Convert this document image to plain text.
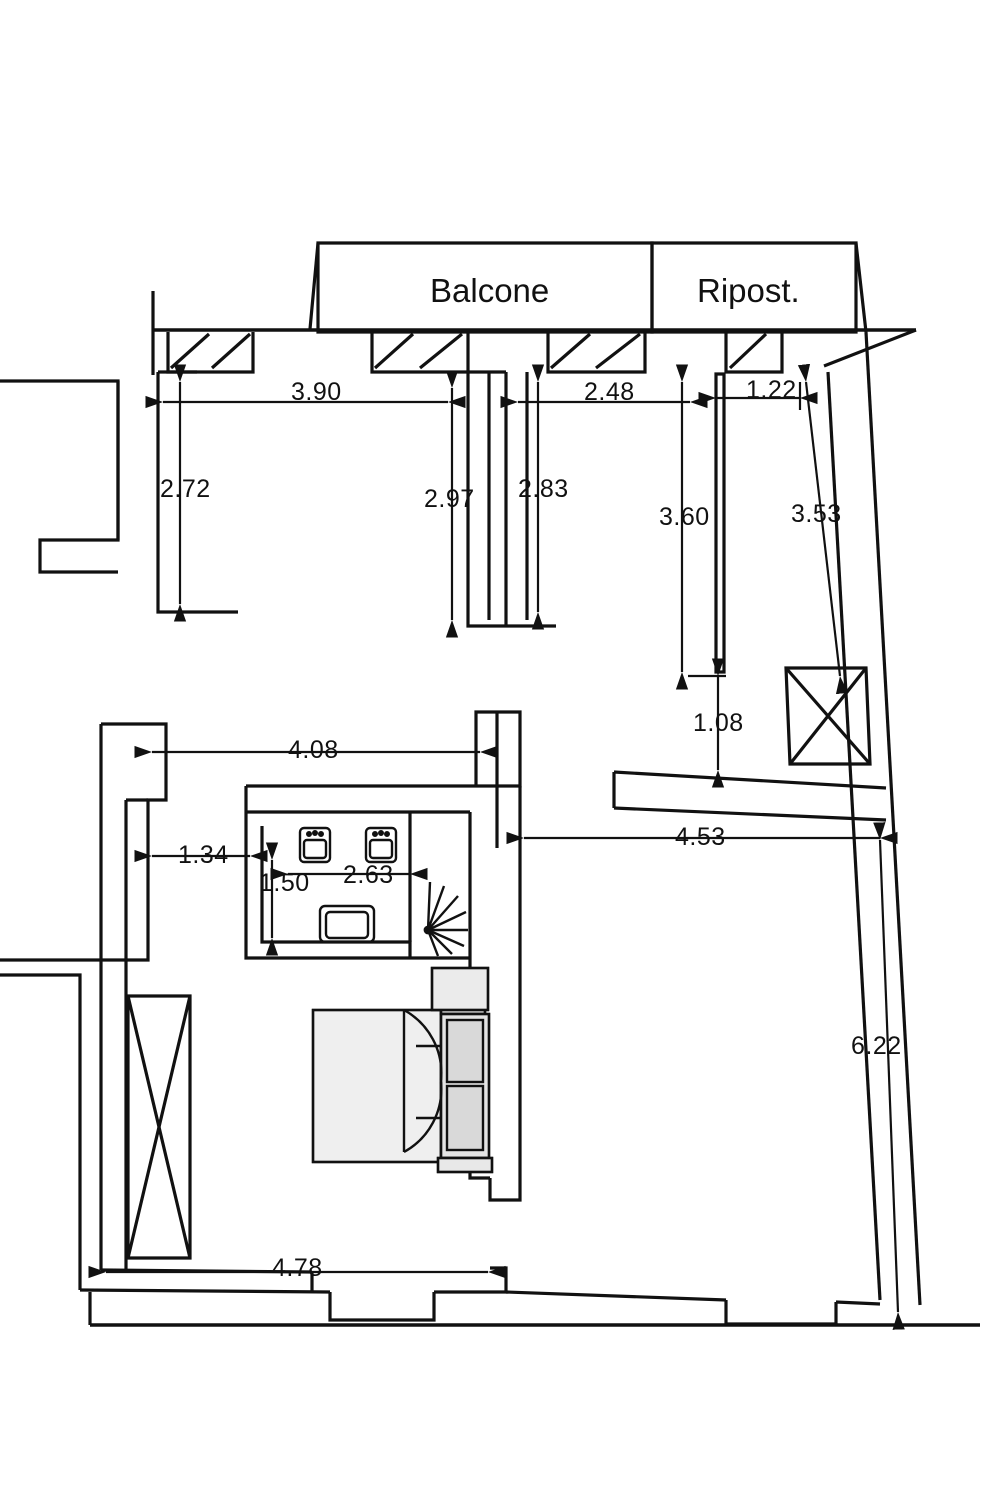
Balcone	Ripost.
3.90	2.48	1.22
2.72	2.97 2.83
3.60	3.53
1.08
4.08
4.53
1.34
1.50 2.63
6.22
4.78
